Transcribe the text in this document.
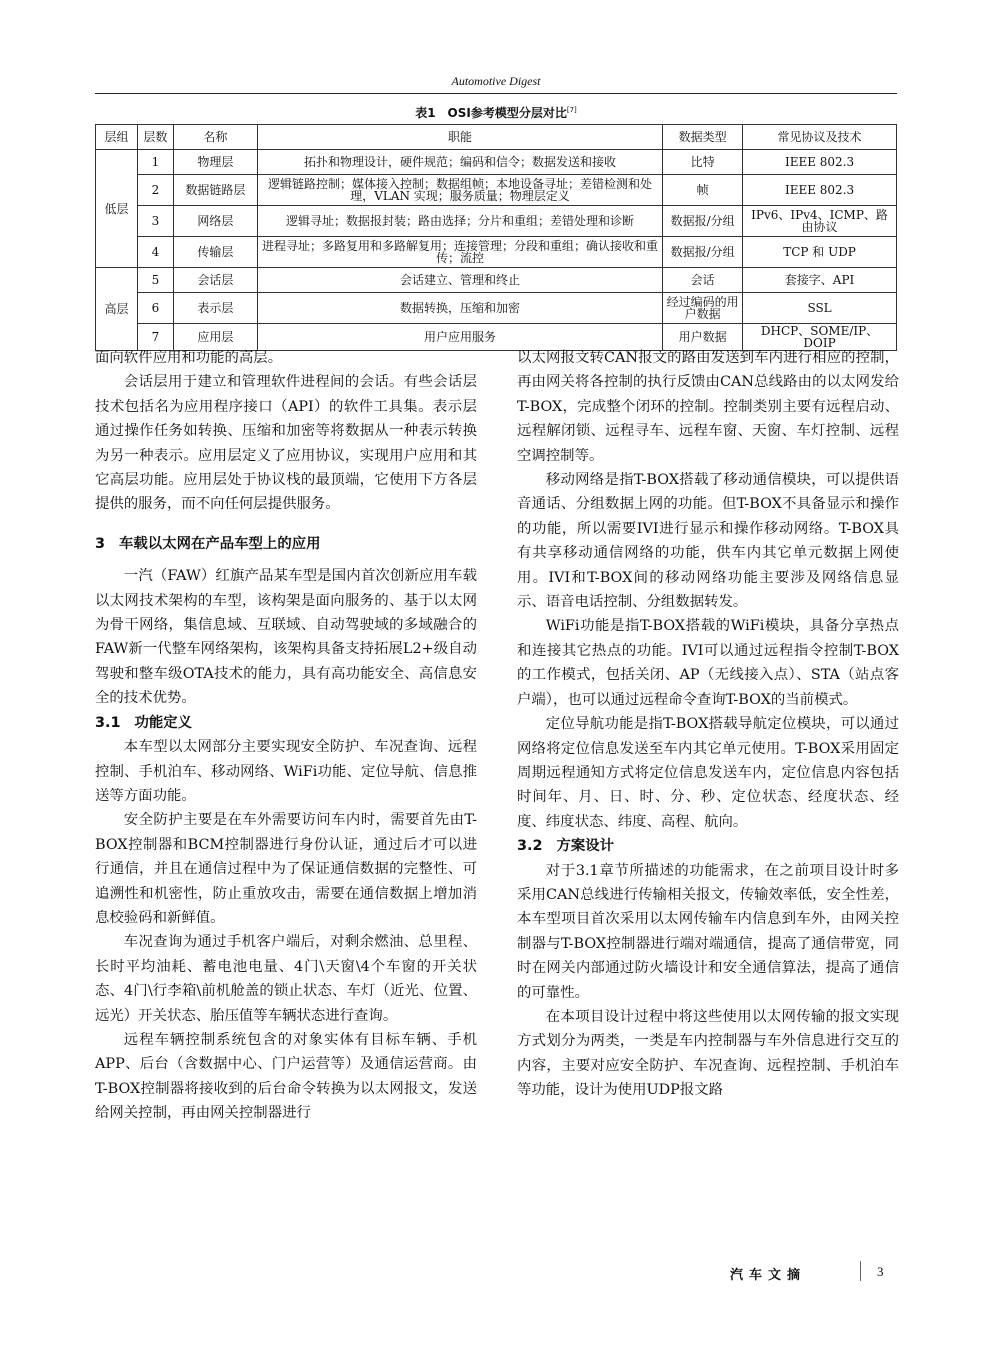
Automotive Digest
表1　OSI参考模型分层对比[7]
层组	层数	名称	职能	数据类型	常见协议及技术
低层	1	物理层	拓扑和物理设计，硬件规范；编码和信令；数据发送和接收	比特	IEEE 802.3
	2	数据链路层	逻辑链路控制；媒体接入控制；数据组帧；本地设备寻址；差错检测和处理，VLAN 实现；服务质量；物理层定义	帧	IEEE 802.3
	3	网络层	逻辑寻址；数据报封装；路由选择；分片和重组；差错处理和诊断	数据报/分组	IPv6、IPv4、ICMP、路由协议
	4	传输层	进程寻址；多路复用和多路解复用；连接管理；分段和重组；确认接收和重传；流控	数据报/分组	TCP 和 UDP
高层	5	会话层	会话建立、管理和终止	会话	套接字、API
	6	表示层	数据转换，压缩和加密	经过编码的用户数据	SSL
	7	应用层	用户应用服务	用户数据	DHCP、SOME/IP、DOIP

面向软件应用和功能的高层。

会话层用于建立和管理软件进程间的会话。有些会话层技术包括名为应用程序接口（API）的软件工具集。表示层通过操作任务如转换、压缩和加密等将数据从一种表示转换为另一种表示。应用层定义了应用协议，实现用户应用和其它高层功能。应用层处于协议栈的最顶端，它使用下方各层提供的服务，而不向任何层提供服务。

3 车载以太网在产品车型上的应用

一汽（FAW）红旗产品某车型是国内首次创新应用车载以太网技术架构的车型，该构架是面向服务的、基于以太网为骨干网络，集信息域、互联域、自动驾驶域的多域融合的FAW新一代整车网络架构，该架构具备支持拓展L2+级自动驾驶和整车级OTA技术的能力，具有高功能安全、高信息安全的技术优势。

3.1 功能定义

本车型以太网部分主要实现安全防护、车况查询、远程控制、手机泊车、移动网络、WiFi功能、定位导航、信息推送等方面功能。

安全防护主要是在车外需要访问车内时，需要首先由T-BOX控制器和BCM控制器进行身份认证，通过后才可以进行通信，并且在通信过程中为了保证通信数据的完整性、可追溯性和机密性，防止重放攻击，需要在通信数据上增加消息校验码和新鲜值。

车况查询为通过手机客户端后，对剩余燃油、总里程、长时平均油耗、蓄电池电量、4门\天窗\4个车窗的开关状态、4门\行李箱\前机舱盖的锁止状态、车灯（近光、位置、远光）开关状态、胎压值等车辆状态进行查询。

远程车辆控制系统包含的对象实体有目标车辆、手机APP、后台（含数据中心、门户运营等）及通信运营商。由T-BOX控制器将接收到的后台命令转换为以太网报文，发送给网关控制，再由网关控制器进行

以太网报文转CAN报文的路由发送到车内进行相应的控制，再由网关将各控制的执行反馈由CAN总线路由的以太网发给T-BOX，完成整个闭环的控制。控制类别主要有远程启动、远程解闭锁、远程寻车、远程车窗、天窗、车灯控制、远程空调控制等。

移动网络是指T-BOX搭载了移动通信模块，可以提供语音通话、分组数据上网的功能。但T-BOX不具备显示和操作的功能，所以需要IVI进行显示和操作移动网络。T-BOX具有共享移动通信网络的功能，供车内其它单元数据上网使用。IVI和T-BOX间的移动网络功能主要涉及网络信息显示、语音电话控制、分组数据转发。

WiFi功能是指T-BOX搭载的WiFi模块，具备分享热点和连接其它热点的功能。IVI可以通过远程指令控制T-BOX的工作模式，包括关闭、AP（无线接入点）、STA（站点客户端），也可以通过远程命令查询T-BOX的当前模式。

定位导航功能是指T-BOX搭载导航定位模块，可以通过网络将定位信息发送至车内其它单元使用。T-BOX采用固定周期远程通知方式将定位信息发送车内，定位信息内容包括时间年、月、日、时、分、秒、定位状态、经度状态、经度、纬度状态、纬度、高程、航向。

3.2 方案设计

对于3.1章节所描述的功能需求，在之前项目设计时多采用CAN总线进行传输相关报文，传输效率低，安全性差，本车型项目首次采用以太网传输车内信息到车外，由网关控制器与T-BOX控制器进行端对端通信，提高了通信带宽，同时在网关内部通过防火墙设计和安全通信算法，提高了通信的可靠性。

在本项目设计过程中将这些使用以太网传输的报文实现方式划分为两类，一类是车内控制器与车外信息进行交互的内容，主要对应安全防护、车况查询、远程控制、手机泊车等功能，设计为使用UDP报文路

汽车文摘	3
